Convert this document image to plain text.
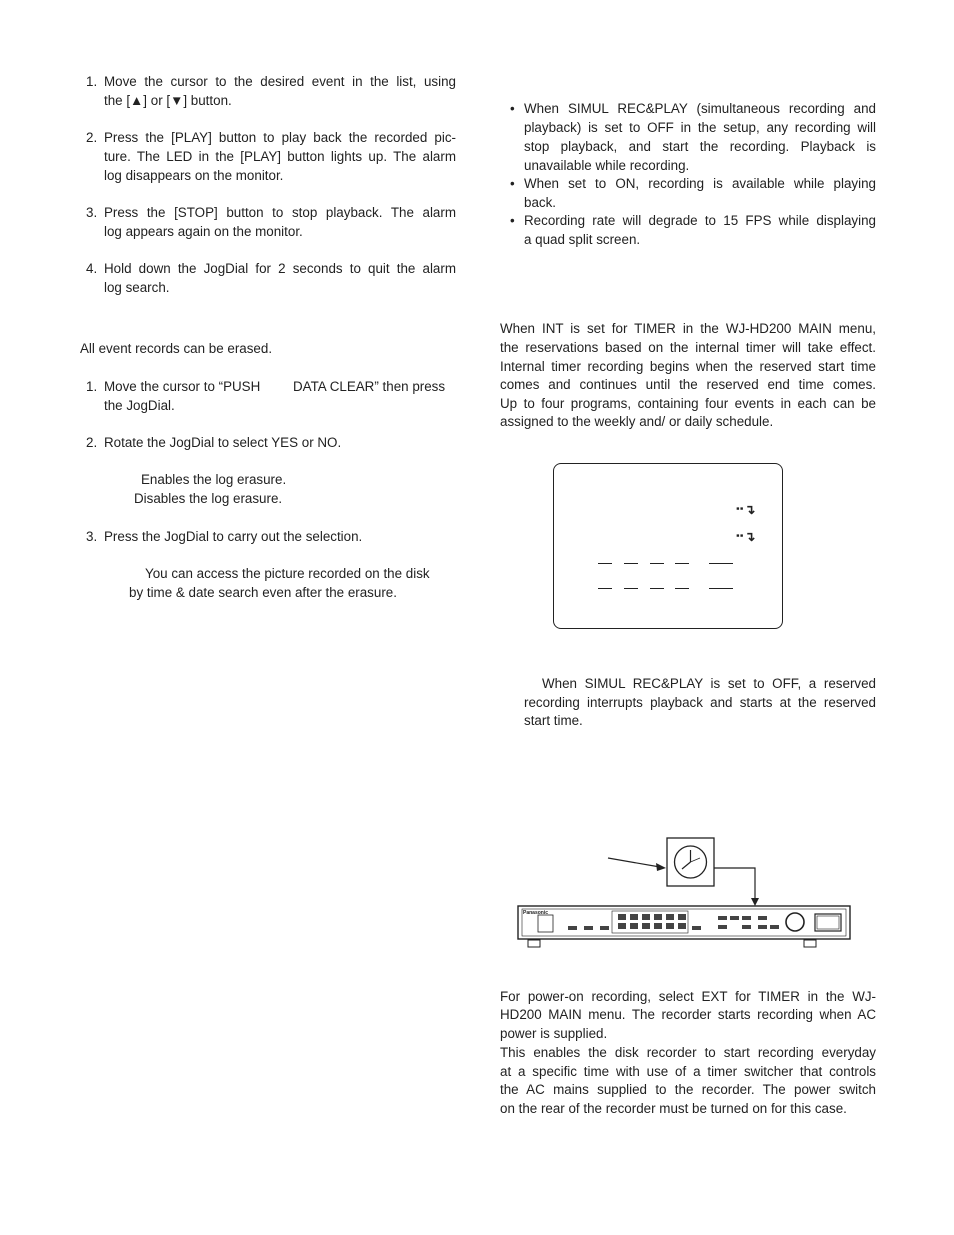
1. Move the cursor to the desired event in the list, using
the [▲] or [▼] button.
2. Press the [PLAY] button to play back the recorded pic-
ture. The LED in the [PLAY] button lights up. The alarm
log disappears on the monitor.
3. Press the [STOP] button to stop playback. The alarm
log appears again on the monitor.
4. Hold down the JogDial for 2 seconds to quit the alarm
log search.
All event records can be erased.
1. Move the cursor to “PUSH DATA CLEAR” then press
the JogDial.
2. Rotate the JogDial to select YES or NO.
Enables the log erasure.
Disables the log erasure.
3. Press the JogDial to carry out the selection.
You can access the picture recorded on the disk
by time & date search even after the erasure.
• When SIMUL REC&PLAY (simultaneous recording and
playback) is set to OFF in the setup, any recording will
stop playback, and start the recording. Playback is
unavailable while recording.
• When set to ON, recording is available while playing
back.
• Recording rate will degrade to 15 FPS while displaying
a quad split screen.
When INT is set for TIMER in the WJ-HD200 MAIN menu,
the reservations based on the internal timer will take effect.
Internal timer recording begins when the reserved start time
comes and continues until the reserved end time comes.
Up to four programs, containing four events in each can be
assigned to the weekly and/ or daily schedule.
⠒↴
⠒↴
When SIMUL REC&PLAY is set to OFF, a reserved
recording interrupts playback and starts at the reserved
start time.
Panasonic
For power-on recording, select EXT for TIMER in the WJ-
HD200 MAIN menu. The recorder starts recording when AC
power is supplied.
This enables the disk recorder to start recording everyday
at a specific time with use of a timer switcher that controls
the AC mains supplied to the recorder. The power switch
on the rear of the recorder must be turned on for this case.
